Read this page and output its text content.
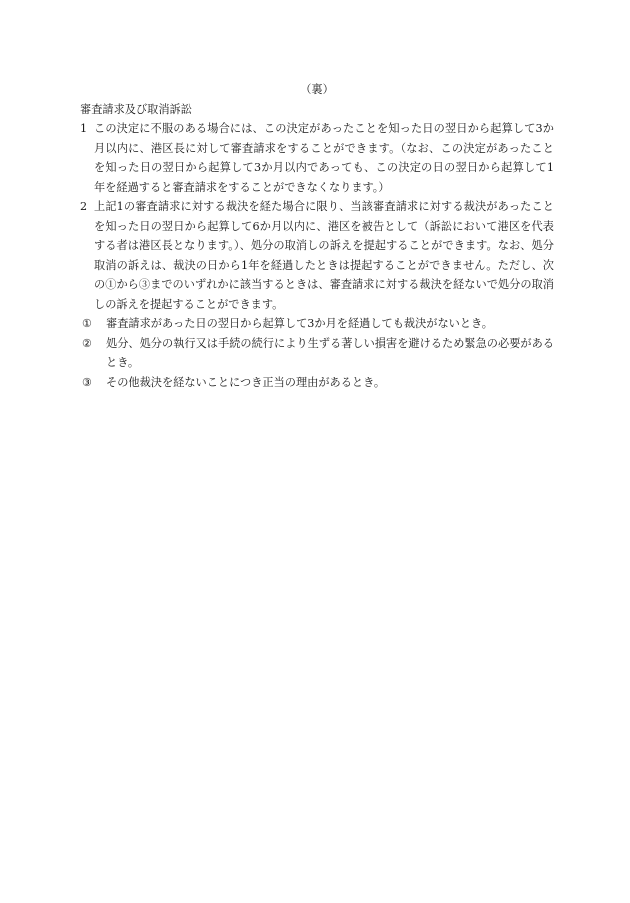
（裏）
審査請求及び取消訴訟
1 この決定に不服のある場合には、この決定があったことを知った日の翌日から起算して3か月以内に、港区長に対して審査請求をすることができます。（なお、この決定があったことを知った日の翌日から起算して3か月以内であっても、この決定の日の翌日から起算して1年を経過すると審査請求をすることができなくなります。）
2 上記1の審査請求に対する裁決を経た場合に限り、当該審査請求に対する裁決があったことを知った日の翌日から起算して6か月以内に、港区を被告として（訴訟において港区を代表する者は港区長となります。）、処分の取消しの訴えを提起することができます。なお、処分取消の訴えは、裁決の日から1年を経過したときは提起することができません。ただし、次の①から③までのいずれかに該当するときは、審査請求に対する裁決を経ないで処分の取消しの訴えを提起することができます。
① 審査請求があった日の翌日から起算して3か月を経過しても裁決がないとき。
② 処分、処分の執行又は手続の続行により生ずる著しい損害を避けるため緊急の必要があるとき。
③ その他裁決を経ないことにつき正当の理由があるとき。
